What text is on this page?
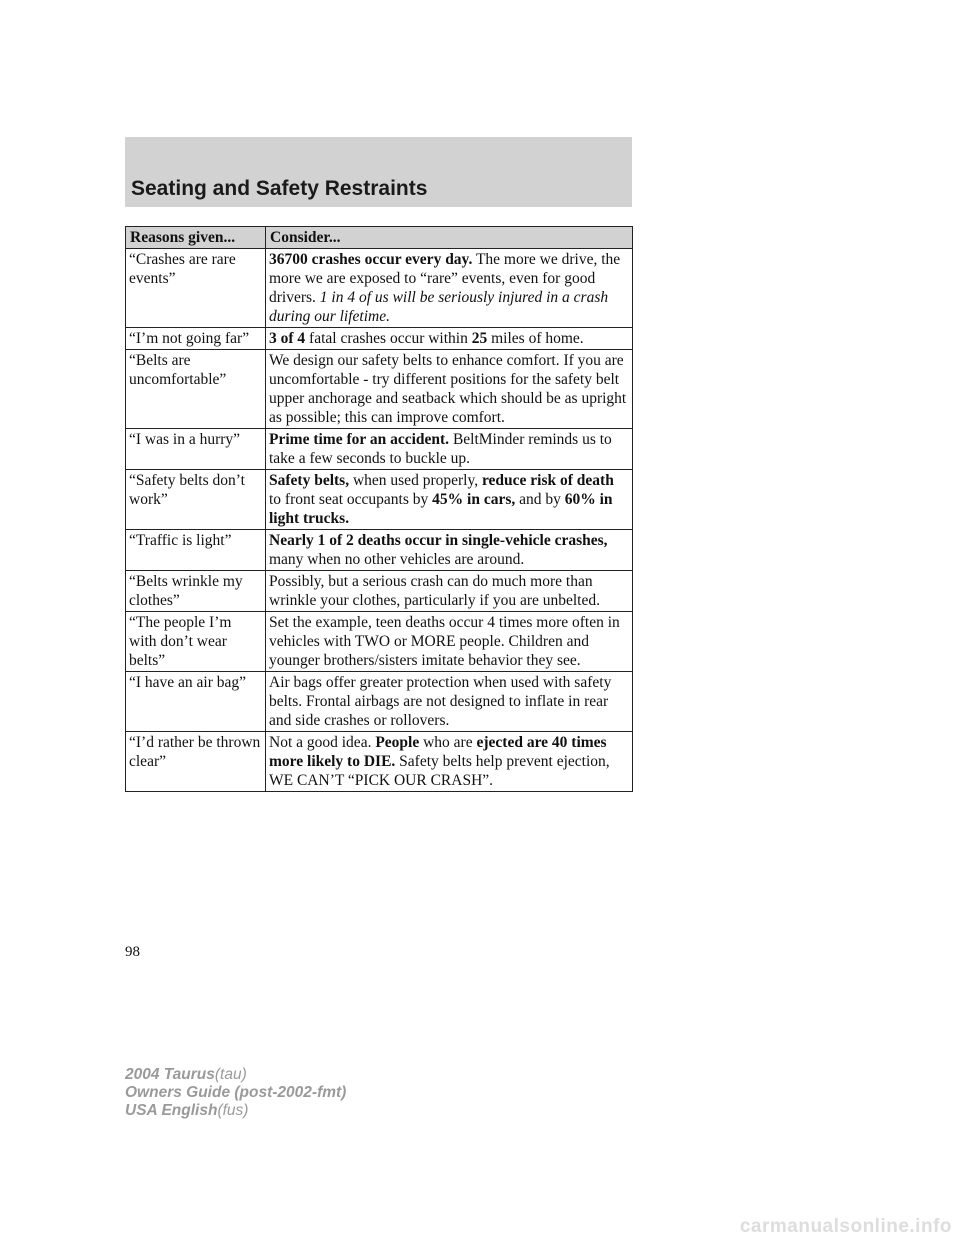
Seating and Safety Restraints
Reasons given...	Consider...
“Crashes are rare events”	36700 crashes occur every day. The more we drive, the more we are exposed to “rare” events, even for good drivers. 1 in 4 of us will be seriously injured in a crash during our lifetime.
“I’m not going far”	3 of 4 fatal crashes occur within 25 miles of home.
“Belts are uncomfortable”	We design our safety belts to enhance comfort. If you are uncomfortable - try different positions for the safety belt upper anchorage and seatback which should be as upright as possible; this can improve comfort.
“I was in a hurry”	Prime time for an accident. BeltMinder reminds us to take a few seconds to buckle up.
“Safety belts don’t work”	Safety belts, when used properly, reduce risk of death to front seat occupants by 45% in cars, and by 60% in light trucks.
“Traffic is light”	Nearly 1 of 2 deaths occur in single-vehicle crashes, many when no other vehicles are around.
“Belts wrinkle my clothes”	Possibly, but a serious crash can do much more than wrinkle your clothes, particularly if you are unbelted.
“The people I’m with don’t wear belts”	Set the example, teen deaths occur 4 times more often in vehicles with TWO or MORE people. Children and younger brothers/sisters imitate behavior they see.
“I have an air bag”	Air bags offer greater protection when used with safety belts. Frontal airbags are not designed to inflate in rear and side crashes or rollovers.
“I’d rather be thrown clear”	Not a good idea. People who are ejected are 40 times more likely to DIE. Safety belts help prevent ejection, WE CAN’T “PICK OUR CRASH”.
98
2004 Taurus(tau)
Owners Guide (post-2002-fmt)
USA English(fus)
carmanualsonline.info
